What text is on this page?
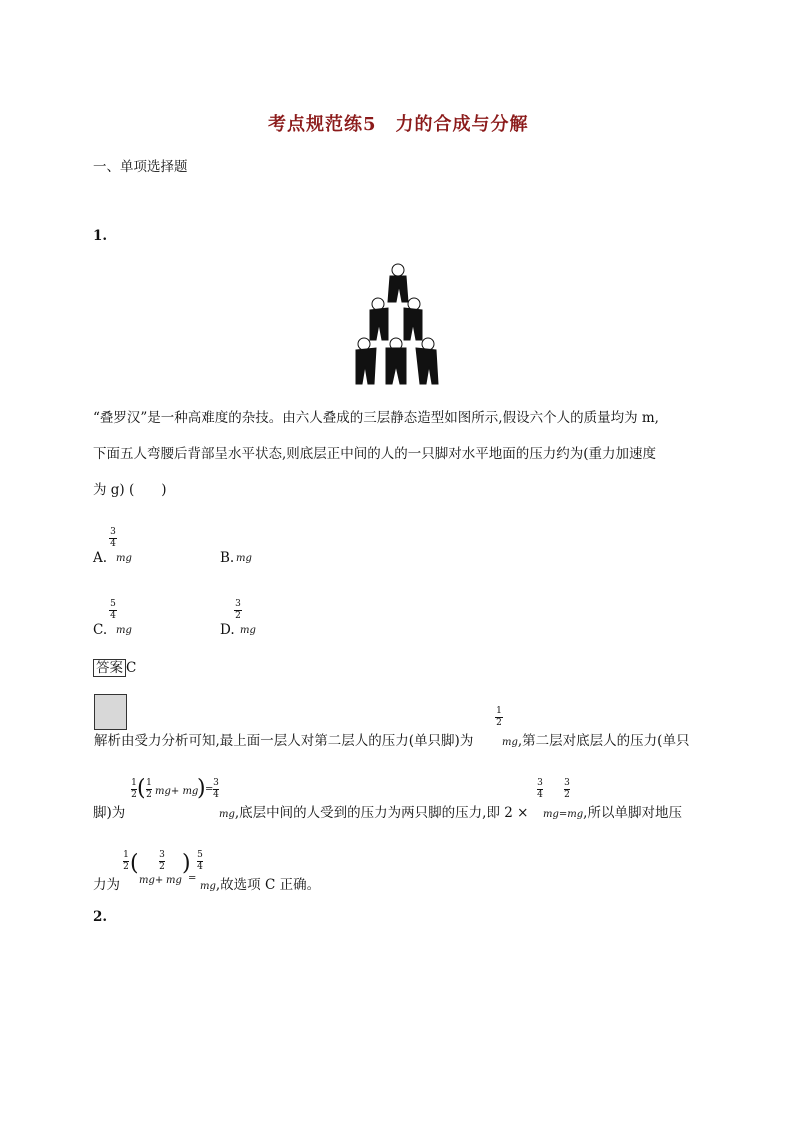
考点规范练5　力的合成与分解
一、单项选择题
1.
“叠罗汉”是一种高难度的杂技。由六人叠成的三层静态造型如图所示,假设六个人的质量均为 m,
下面五人弯腰后背部呈水平状态,则底层正中间的人的一只脚对水平地面的压力约为(重力加速度
为 g) (　　)
3
4
A. mg	B. mg
5
4
C. mg
3
2
D. mg
答案 C
解析由受力分析可知,最上面一层人对第二层人的压力(单只脚)为
1
2
mg,第二层对底层人的压力(单只
脚)为
1
2 ( 1
2 mg+ mg
) =
3
4
mg,底层中间的人受到的压力为两只脚的压力,即 2 ×
3
4
3
2
mg=mg,所以单脚对地压
力为
1
2 ( 3
2
mg+ mg
)
=
5
4
mg,故选项 C 正确。
2.
